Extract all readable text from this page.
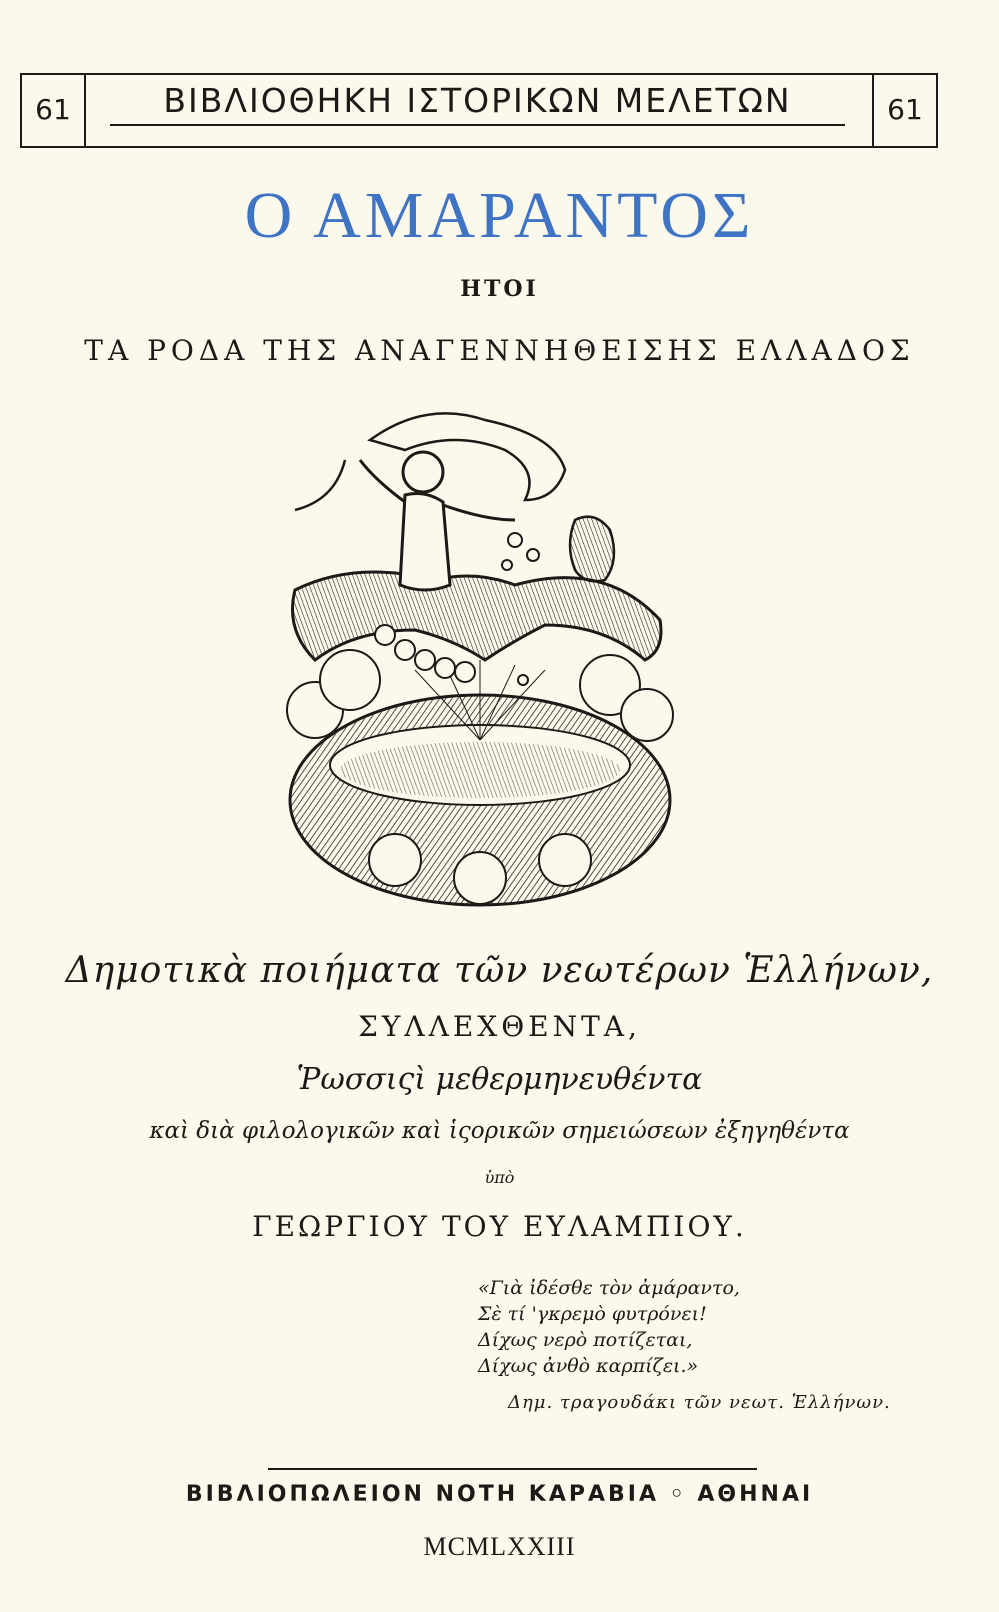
61	ΒΙΒΛΙΟΘΗΚΗ ΙΣΤΟΡΙΚΩΝ ΜΕΛΕΤΩΝ	61
Ο ΑΜΑΡΑΝΤΟΣ
ΗΤΟΙ
ΤΑ ΡΟΔΑ ΤΗΣ ΑΝΑΓΕΝΝΗΘΕΙΣΗΣ ΕΛΛΑΔΟΣ
Δημοτικὰ ποιήματα τῶν νεωτέρων Ἑλλήνων,
ΣΥΛΛΕΧΘΕΝΤΑ,
Ῥωσσιςὶ μεθερμηνευθέντα
καὶ διὰ φιλολογικῶν καὶ ἱςορικῶν σημειώσεων ἐξηγηθέντα
ὑπὸ
ΓΕΩΡΓΙΟΥ ΤΟΥ ΕΥΛΑΜΠΙΟΥ.
«Γιὰ ἰδέσθε τὸν ἀμάραντο,
Σὲ τί 'γκρεμὸ φυτρόνει!
Δίχως νερὸ ποτίζεται,
Δίχως ἀνθὸ καρπίζει.»
Δημ. τραγουδάκι τῶν νεωτ. Ἑλλήνων.
ΒΙΒΛΙΟΠΩΛΕΙΟΝ ΝΟΤΗ ΚΑΡΑΒΙΑ ◦ ΑΘΗΝΑΙ
MCMLXXIII
